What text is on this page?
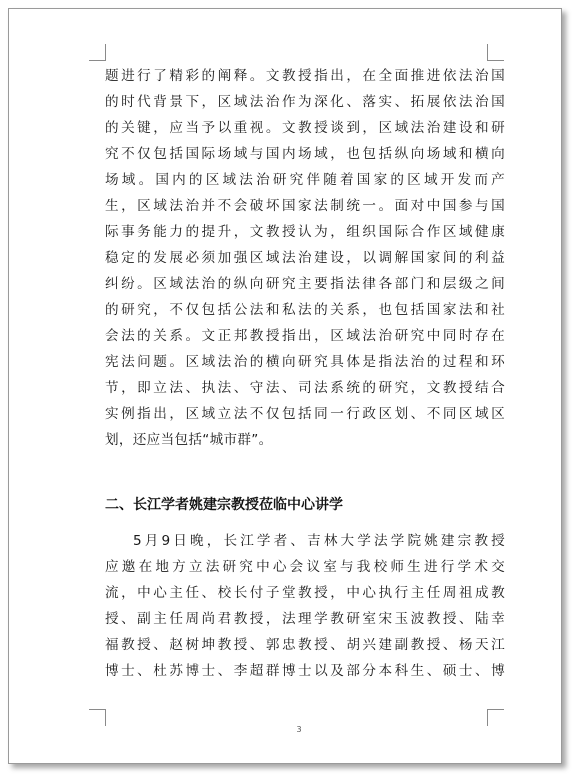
题进行了精彩的阐释。文教授指出，在全面推进依法治国
的时代背景下，区域法治作为深化、落实、拓展依法治国
的关键，应当予以重视。文教授谈到，区域法治建设和研
究不仅包括国际场域与国内场域，也包括纵向场域和横向
场域。国内的区域法治研究伴随着国家的区域开发而产
生，区域法治并不会破坏国家法制统一。面对中国参与国
际事务能力的提升，文教授认为，组织国际合作区域健康
稳定的发展必须加强区域法治建设，以调解国家间的利益
纠纷。区域法治的纵向研究主要指法律各部门和层级之间
的研究，不仅包括公法和私法的关系，也包括国家法和社
会法的关系。文正邦教授指出，区域法治研究中同时存在
宪法问题。区域法治的横向研究具体是指法治的过程和环
节，即立法、执法、守法、司法系统的研究，文教授结合
实例指出，区域立法不仅包括同一行政区划、不同区域区
划，还应当包括“城市群”。
二、长江学者姚建宗教授莅临中心讲学
5月9日晚，长江学者、吉林大学法学院姚建宗教授
应邀在地方立法研究中心会议室与我校师生进行学术交
流，中心主任、校长付子堂教授，中心执行主任周祖成教
授、副主任周尚君教授，法理学教研室宋玉波教授、陆幸
福教授、赵树坤教授、郭忠教授、胡兴建副教授、杨天江
博士、杜苏博士、李超群博士以及部分本科生、硕士、博
3
